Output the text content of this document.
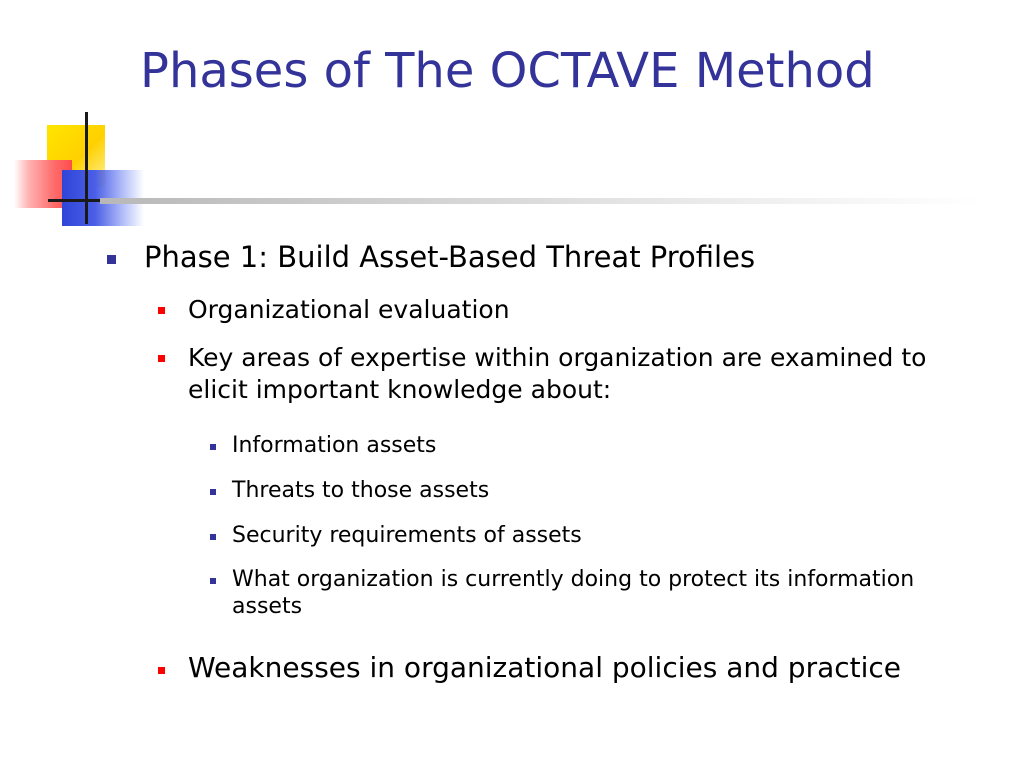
Phases of The OCTAVE Method
Phase 1: Build Asset-Based Threat Profiles
Organizational evaluation
Key areas of expertise within organization are examined to elicit important knowledge about:
Information assets
Threats to those assets
Security requirements of assets
What organization is currently doing to protect its information assets
Weaknesses in organizational policies and practice
